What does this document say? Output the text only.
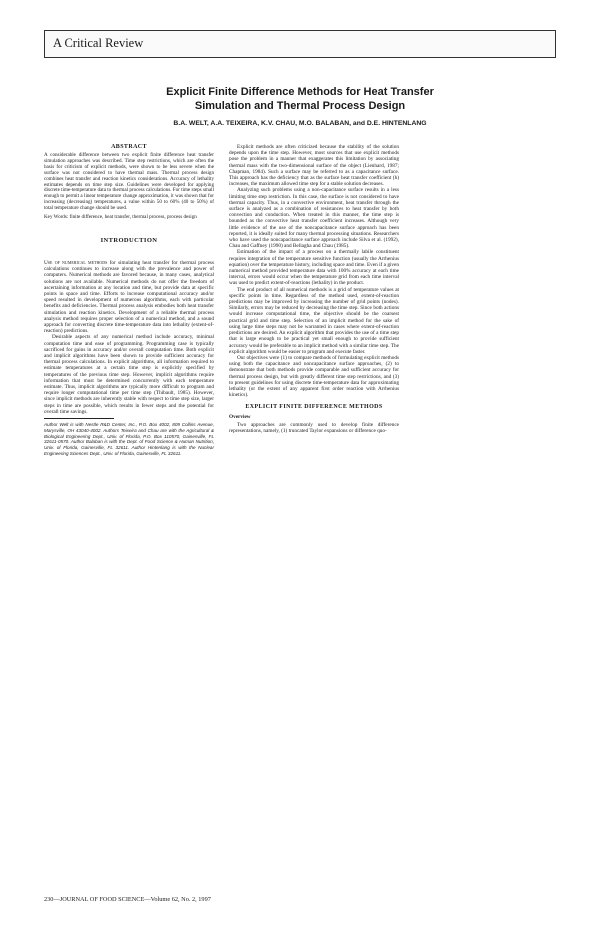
A Critical Review
Explicit Finite Difference Methods for Heat Transfer
Simulation and Thermal Process Design
B.A. WELT, A.A. TEIXEIRA, K.V. CHAU, M.O. BALABAN, and D.E. HINTENLANG
ABSTRACT

A considerable difference between two explicit finite difference heat transfer simulation approaches was described. Time step restrictions, which are often the basis for criticism of explicit methods, were shown to be less severe when the surface was not considered to have thermal mass. Thermal process design combines heat transfer and reaction kinetics considerations. Accuracy of lethality estimates depends on time step size. Guidelines were developed for applying discrete time-temperature data to thermal process calculations. For time steps small enough to permit a linear temperature change approximation, it was shown that for increasing (decreasing) temperatures, a value within 50 to 60% (40 to 50%) of total temperature change should be used.

Key Words: finite difference, heat transfer, thermal process, process design

INTRODUCTION

Use of numerical methods for simulating heat transfer for thermal process calculations continues to increase along with the prevalence and power of computers. Numerical methods are favored because, in many cases, analytical solutions are not available. Numerical methods do not offer the freedom of ascertaining information at any location and time, but provide data at specific points in space and time. Efforts to increase computational accuracy and/or speed resulted in development of numerous algorithms, each with particular benefits and deficiencies. Thermal process analysis embodies both heat transfer simulation and reaction kinetics. Development of a reliable thermal process analysis method requires proper selection of a numerical method, and a sound approach for converting discrete time-temperature data into lethality (extent-of-reaction) predictions.

Desirable aspects of any numerical method include accuracy, minimal computation time and ease of programming. Programming case is typically sacrificed for gains in accuracy and/or overall computation time. Both explicit and implicit algorithms have been shown to provide sufficient accuracy for thermal process calculations. In explicit algorithms, all information required to estimate temperatures at a certain time step is explicitly specified by temperatures of the previous time step. However, implicit algorithms require information that must be determined concurrently with each temperature estimate. Thus, implicit algorithms are typically more difficult to program and require longer computational time per time step (Thibault, 1985). However, since implicit methods are inherently stable with respect to time step size, larger steps in time are possible, which results in fewer steps and the potential for overall time savings.

Author Welt is with Nestle R&D Center, Inc., P.O. Box 4002, 809 Collins Avenue, Marysville, OH 43040-4002. Authors Teixeira and Chau are with the Agricultural & Biological Engineering Dept., Univ. of Florida, P.O. Box 110570, Gainesville, FL 32611-0570. Author Balaban is with the Dept. of Food Science & Human Nutrition, Univ. of Florida, Gainesville, FL 32611. Author Hintenlang is with the Nuclear Engineering Sciences Dept., Univ. of Florida, Gainesville, FL 32611.

Explicit methods are often criticized because the stability of the solution depends upon the time step. However, most sources that use explicit methods pose the problem in a manner that exaggerates this limitation by associating thermal mass with the two-dimensional surface of the object (Lienhard, 1987; Chapman, 1984). Such a surface may be referred to as a capacitance surface. This approach has the deficiency that as the surface heat transfer coefficient (h) increases, the maximum allowed time step for a stable solution decreases.

Analyzing such problems using a non-capacitance surface results in a less limiting time step restriction. In this case, the surface is not considered to have thermal capacity. Thus, in a convective environment, heat transfer through the surface is analyzed as a combination of resistances to heat transfer by both convection and conduction. When treated in this manner, the time step is bounded as the convective heat transfer coefficient increases. Although very little evidence of the use of the noncapacitance surface approach has been reported, it is ideally suited for many thermal processing situations. Researchers who have used the noncapacitance surface approach include Silva et al. (1992), Chau and Gaffney (1990) and Bellagha and Chau (1985).

Estimation of the impact of a process on a thermally labile constituent requires integration of the temperature sensitive function (usually the Arrhenius equation) over the temperature history, including space and time. Even if a given numerical method provided temperature data with 100% accuracy at each time interval, errors would occur when the temperature grid from each time interval was used to predict extent-of-reactions (lethality) in the product.

The end product of all numerical methods is a grid of temperature values at specific points in time. Regardless of the method used, extent-of-reaction predictions may be improved by increasing the number of grid points (nodes). Similarly, errors may be reduced by decreasing the time step. Since both actions would increase computational time, the objective should be the coarsest practical grid and time step. Selection of an implicit method for the sake of using large time steps may not be warranted in cases where extent-of-reaction predictions are desired. An explicit algorithm that provides the use of a time step that is large enough to be practical yet small enough to provide sufficient accuracy would be preferable to an implicit method with a similar time step. The explicit algorithm would be easier to program and execute faster.

Our objectives were (1) to compare methods of formulating explicit methods using both the capacitance and noncapacitance surface approaches, (2) to demonstrate that both methods provide comparable and sufficient accuracy for thermal process design, but with greatly different time step restrictions, and (3) to present guidelines for using discrete time-temperature data for approximating lethality (or the extent of any apparent first order reaction with Arrhenius kinetics).

EXPLICIT FINITE DIFFERENCE METHODS
Overview

Two approaches are commonly used to develop finite difference representations, namely, (1) truncated Taylor expansions or difference quo-

230—JOURNAL OF FOOD SCIENCE—Volume 62, No. 2, 1997
